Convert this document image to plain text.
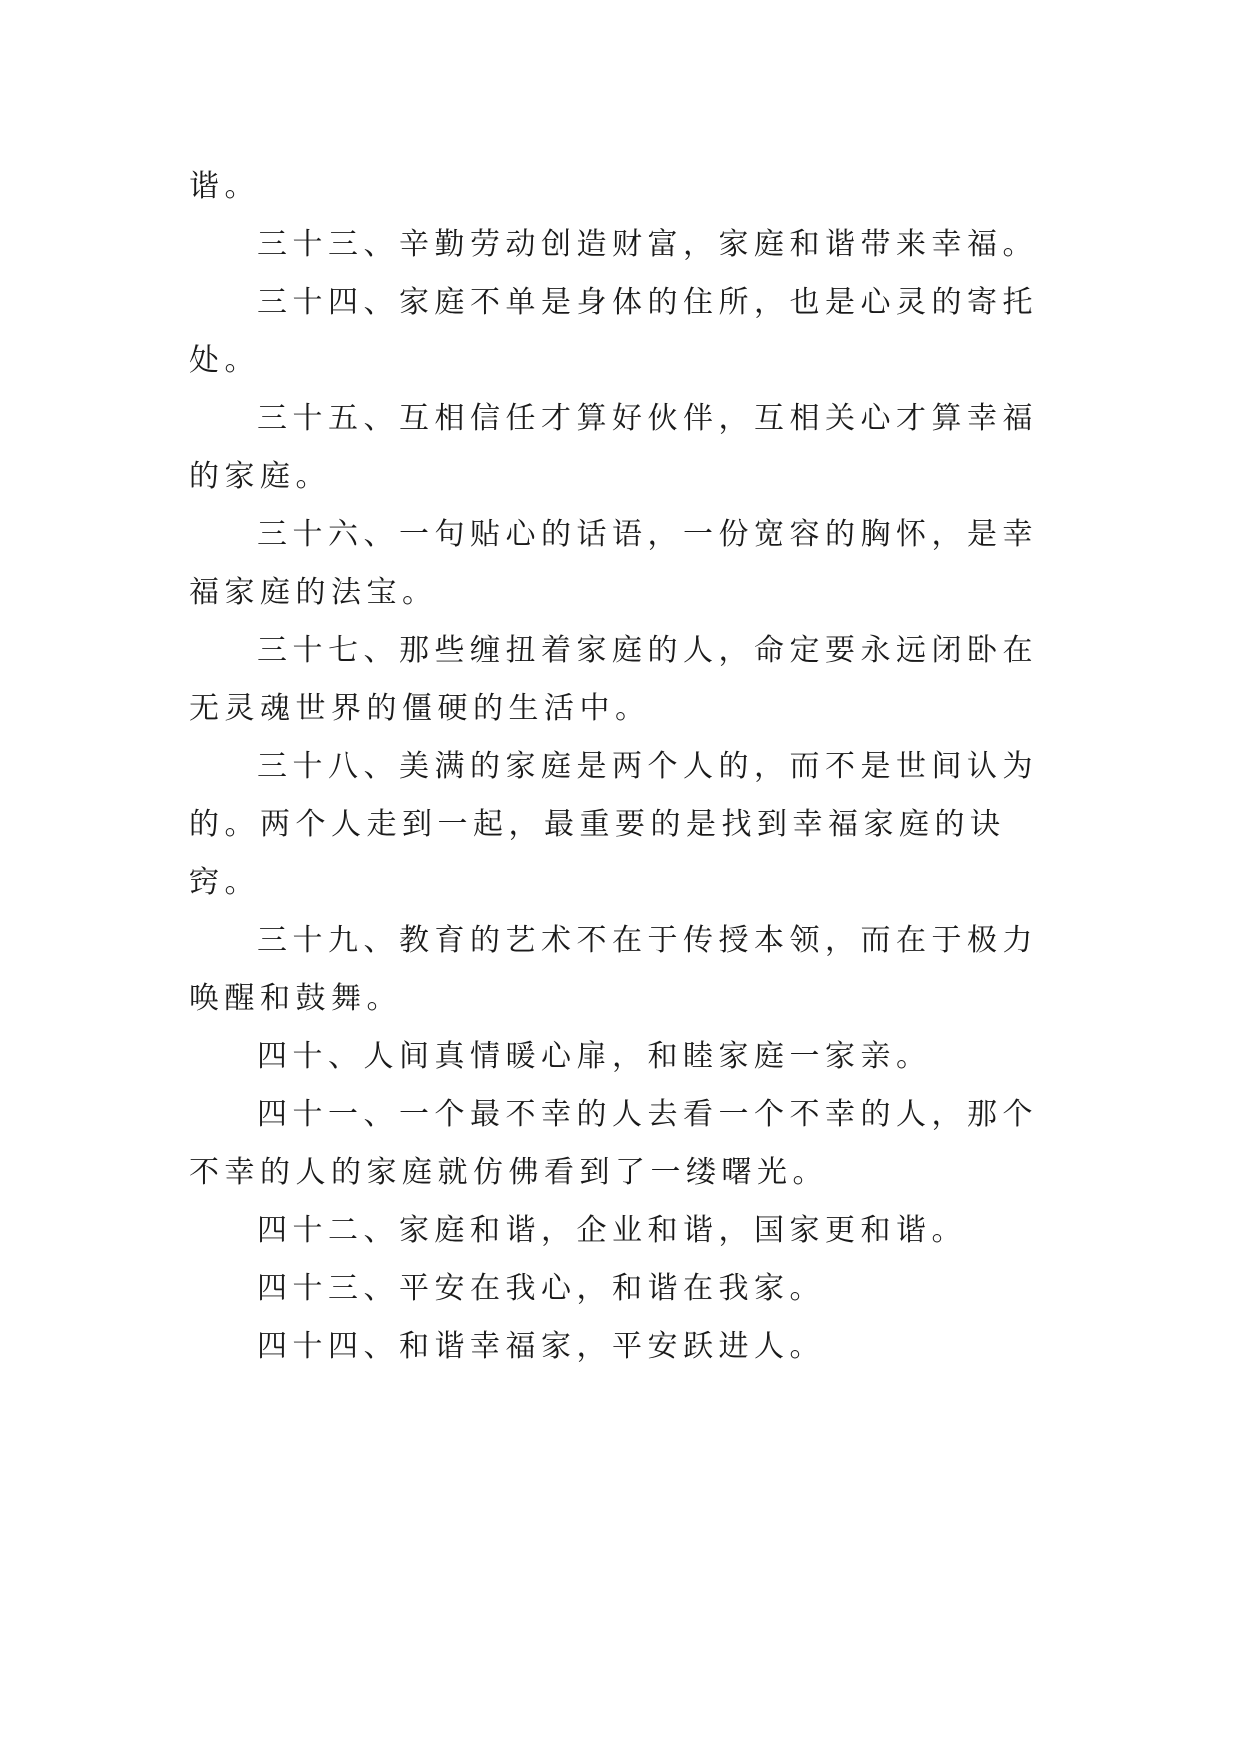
谐。

三十三、辛勤劳动创造财富，家庭和谐带来幸福。

三十四、家庭不单是身体的住所，也是心灵的寄托处。

三十五、互相信任才算好伙伴，互相关心才算幸福的家庭。

三十六、一句贴心的话语，一份宽容的胸怀，是幸福家庭的法宝。

三十七、那些缠扭着家庭的人，命定要永远闭卧在无灵魂世界的僵硬的生活中。

三十八、美满的家庭是两个人的，而不是世间认为的。两个人走到一起，最重要的是找到幸福家庭的诀窍。

三十九、教育的艺术不在于传授本领，而在于极力唤醒和鼓舞。

四十、人间真情暖心扉，和睦家庭一家亲。

四十一、一个最不幸的人去看一个不幸的人，那个不幸的人的家庭就仿佛看到了一缕曙光。

四十二、家庭和谐，企业和谐，国家更和谐。

四十三、平安在我心，和谐在我家。

四十四、和谐幸福家，平安跃进人。
